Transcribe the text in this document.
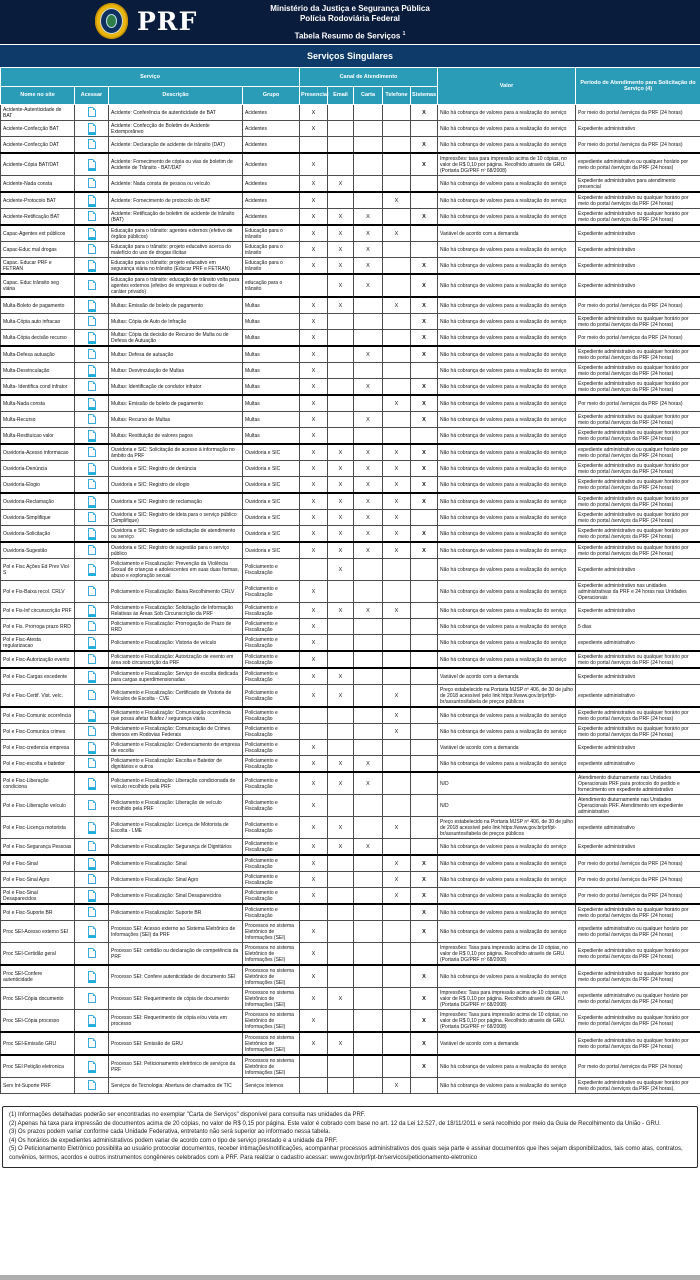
PRF	Ministério da Justiça e Segurança Pública
Polícia Rodoviária Federal
Tabela Resumo de Serviços $^1$
Serviços Singulares
Serviço				Canal de Atendimento					Valor	Período de Atendimento para Solicitação do Serviço (4)
Nome no site	Acessar	Descrição	Grupo	Presencial	Email	Carta	Telefone	Sistemas		
Acidente-Autenticidade de BAT		Acidente: Conferência de autenticidade de BAT	Acidentes	X				X	Não há cobrança de valores para a realização do serviço	Por meio do portal /serviços da PRF (24 horas)
Acidente-Confecção BAT		Acidente: Confecção de Boletim de Acidente Extemporâneo	Acidentes	X					Não há cobrança de valores para a realização do serviço	Expediente administrativo
Acidente-Confecção DAT		Acidente: Declaração de acidente de trânsito (DAT)	Acidentes					X	Não há cobrança de valores para a realização do serviço	Por meio do portal /serviços da PRF (24 horas)
Acidente-Cópia BAT/DAT		Acidente: Fornecimento de cópia ou vias de boletim de Acidente de Trânsito - BAT/DAT	Acidentes	X				X	Impressões: taxa para impressão acima de 10 cópias, no valor de R$ 0,10 por página. Recolhido através de GRU. (Portaria DG/PRF nº 68/2008)	expediente administrativo ou qualquer horário por meio do portal /serviços da PRF (24 horas)
Acidente-Nada consta		Acidente: Nada consta de pessoa ou veículo	Acidentes	X	X				Não há cobrança de valores para a realização do serviço	Expediente administrativo para atendimento presencial
Acidente-Protocolo BAT		Acidente: Fornecimento de protocolo do BAT	Acidentes	X			X		Não há cobrança de valores para a realização do serviço	Expediente administrativo ou qualquer horário por meio do portal /serviços da PRF (24 horas)
Acidente-Retificação BAT		Acidente: Retificação de boletim de acidente de trânsito (BAT)	Acidentes	X	X	X		X	Não há cobrança de valores para a realização do serviço	Expediente administrativo ou qualquer horário por meio do portal /serviços da PRF (24 horas)
Capac-Agentes ext públicos		Educação para o trânsito: agentes externos (efetivo de órgãos públicos)	Educação para o trânsito	X	X	X	X		Variável de acordo com a demanda	Expediente administrativo
Capac-Educ mal drogas		Educação para o trânsito: projeto educativo acerca do malefício do uso de drogas ilícitas	Educação para o trânsito	X	X	X			Não há cobrança de valores para a realização do serviço	Expediente administrativo
Capac. Educar PRF e FETRAN		Educação para o trânsito: projeto educativo em segurança viária no trânsito (Educar PRF e FETRAN)	Educação para o trânsito	X	X	X		X	Não há cobrança de valores para a realização do serviço	Expediente administrativo
Capac. Educ trânsito seg viária		Educação para o trânsito: educação de trânsito volta para agentes externos (efetivo de empresas e outros de caráter privado)	educação para o trânsito		X	X		X	Não há cobrança de valores para a realização do serviço	Expediente administrativo
Multa-Boleto de pagamento		Multas: Emissão de boleto de pagamento	Multas	X	X		X	X	Não há cobrança de valores para a realização do serviço	Por meio do portal /serviços da PRF (24 horas)
Multa-Cópia auto infracao		Multas: Cópia de Auto de Infração	Multas	X				X	Não há cobrança de valores para a realização do serviço	Expediente administrativo ou qualquer horário por meio do portal /serviços da PRF (24 horas)
Multa-Cópia decisão recurso		Multas: Cópia da decisão de Recurso de Multa ou de Defesa de Autuação	Multas	X				X	Não há cobrança de valores para a realização do serviço	Por meio do portal /serviços da PRF (24 horas)
Multa-Defesa autuação		Multas: Defesa de autuação	Multas	X		X		X	Não há cobrança de valores para a realização do serviço	Expediente administrativo ou qualquer horário por meio do portal /serviços da PRF (24 horas)
Multa-Desvinculação		Multas: Desvinculação de Multas	Multas	X					Não há cobrança de valores para a realização do serviço	Expediente administrativo ou qualquer horário por meio do portal /serviços da PRF (24 horas)
Multa- Identifica cond infrator		Multas: Identificação de condutor infrator	Multas	X		X		X	Não há cobrança de valores para a realização do serviço	Expediente administrativo ou qualquer horário por meio do portal /serviços da PRF (24 horas)
Multa-Nada consta		Multas: Emissão de boleto de pagamento	Multas	X			X	X	Não há cobrança de valores para a realização do serviço	Por meio do portal /serviços da PRF (24 horas)
Multa-Recurso		Multas: Recurso de Multas	Multas	X		X		X	Não há cobrança de valores para a realização do serviço	Expediente administrativo ou qualquer horário por meio do portal /serviços da PRF (24 horas)
Multa-Restituicao valor		Multas: Restituição de valores pagos	Multas	X					Não há cobrança de valores para a realização do serviço	Expediente administrativo ou qualquer horário por meio do portal /serviços da PRF (24 horas)
Ouvidoria-Acesso informacao		Ouvidoria e SIC: Solicitação de acesso à informação no âmbito da PRF	Ouvidoria e SIC	X	X	X	X	X	Não há cobrança de valores para a realização do serviço	expediente administrativo ou qualquer horário por meio do portal /serviços da PRF (24 horas)
Ouvidoria-Denúncia		Ouvidoria e SIC: Registro de denúncia	Ouvidoria e SIC	X	X	X	X	X	Não há cobrança de valores para a realização do serviço	Expediente administrativo ou qualquer horário por meio do portal /serviços da PRF (24 horas)
Ouvidoria-Elogio		Ouvidoria e SIC: Registro de elogio	Ouvidoria e SIC	X	X	X	X	X	Não há cobrança de valores para a realização do serviço	Expediente administrativo ou qualquer horário por meio do portal /serviços da PRF (24 horas)
Ouvidoria-Reclamação		Ouvidoria e SIC: Registro de reclamação	Ouvidoria e SIC	X	X	X	X	X	Não há cobrança de valores para a realização do serviço	Expediente administrativo ou qualquer horário por meio do portal /serviços da PRF (24 horas)
Ouvidoria-Simplifique		Ouvidoria e SIC: Registro de ideia para o serviço público (Simplifique)	Ouvidoria e SIC	X	X	X	X		Não há cobrança de valores para a realização do serviço	Expediente administrativo ou qualquer horário por meio do portal /serviços da PRF (24 horas)
Ouvidoria-Solicitação		Ouvidoria e SIC: Registro de solicitação de atendimento ou serviço	Ouvidoria e SIC	X	X	X	X	X	Não há cobrança de valores para a realização do serviço	Expediente administrativo ou qualquer horário por meio do portal /serviços da PRF (24 horas)
Ouvidoria-Sugestão		Ouvidoria e SIC: Registro de sugestão para o serviço público	Ouvidoria e SIC	X	X	X	X	X	Não há cobrança de valores para a realização do serviço	Expediente administrativo ou qualquer horário por meio do portal /serviços da PRF (24 horas)
Pol e Fisc Ações Ed Prev Viol S		Policiamento e Fiscalização: Prevenção da Violência Sexual de crianças e adolescentes em suas duas formas, abuso e exploração sexual	Policiamento e Fiscalização		X				Não há cobrança de valores para a realização do serviço	Expediente administrativo
Pol e Fis-Baixa recol. CRLV		Policiamento e Fiscalização: Baixa Recolhimento CRLV	Policiamento e Fiscalização	X					Não há cobrança de valores para a realização do serviço	Expediente administrativo nas unidades administrativas da PRF e 24 horas nas Unidades Operacionais
Pol e Fis-Inf circunscrição PRF		Policiamento e Fiscalização: Solicitação de Informação Relativas às Áreas Sob Circunscrição da PRF	Policiamento e Fiscalização	X	X	X	X		Não há cobrança de valores para a realização do serviço	Expediente administrativo
Pol e Fis. Prorroga prazo RRD		Policiamento e Fiscalização: Prorrogação de Prazo de RRD	Policiamento e Fiscalização	X					Não há cobrança de valores para a realização do serviço	5 dias
Pol e Fisc-Atesta regularizacao		Policiamento e Fiscalização: Vistoria de veículo	Policiamento e Fiscalização	X					Não há cobrança de valores para a realização do serviço	expediente administrativo
Pol e Fisc-Autorização evento		Policiamento e Fiscalização: Autorização de evento em área sob circunscrição da PRF	Policiamento e Fiscalização	X					Não há cobrança de valores para a realização do serviço	Expediente administrativo ou qualquer horário por meio do portal /serviços da PRF (24 horas)
Pol e Fisc-Cargas excedente		Policiamento e Fiscalização: Serviço de escolta dedicada para cargas superdimensionadas	Policiamento e Fiscalização	X	X				Variável de acordo com a demanda	Expediente administrativo
Pol e Fisc-Certif. Vist. veíc.		Policiamento e Fiscalização: Certificado de Vistoria de Veículos de Escolta - CVE	Policiamento e Fiscalização	X	X		X		Preço estabelecido na Portaria MJSP nº 406, de 30 de julho de 2018 acessível pelo link https://www.gov.br/prf/pt-br/assuntos/tabela de preços públicos	expediente administrativo
Pol e Fisc-Comunic ocorrência		Policiamento e Fiscalização: Comunicação ocorrência que possa afetar fluidez / segurança viária	Policiamento e Fiscalização				X		Não há cobrança de valores para a realização do serviço	Expediente administrativo ou qualquer horário por meio do portal /serviços da PRF (24 horas)
Pol e Fisc-Comunica crimes		Policiamento e Fiscalização: Comunicação de Crimes diversos em Rodovias Federais	Policiamento e Fiscalização				X		Não há cobrança de valores para a realização do serviço	Expediente administrativo ou qualquer horário por meio do portal /serviços da PRF (24 horas)
Pol e Fisc-credencia empresa		Policiamento e Fiscalização: Credenciamento de empresa de escolta	Policiamento e Fiscalização	X					Variável de acordo com a demanda	Expediente administrativo
Pol e Fisc-escolta e batedor		Policiamento e Fiscalização: Escolta e Batedor de dignitários e outros	Policiamento e Fiscalização	X	X	X			Não há cobrança de valores para a realização do serviço	expediente administrativo
Pol e Fisc-Liberação condiciona		Policiamento e Fiscalização: Liberação condicionada de veículo recolhido pela PRF	Policiamento e Fiscalização	X	X	X			N/D	Atendimento diuturnamente nas Unidades Operacionais PRF para protocolo do pedido e fornecimento em expediente administrativo
Pol e Fisc-Liberação veículo		Policiamento e Fiscalização: Liberação de veículo recolhido pela PRF	Policiamento e Fiscalização	X					N/D	Atendimento diuturnamente nas Unidades Operacionais PRF. Atendimento em expediente administrativo
Pol e Fisc-Licença motorista		Policiamento e Fiscalização: Licença de Motorista de Escolta - LME	Policiamento e Fiscalização	X	X		X		Preço estabelecido na Portaria MJSP nº 406, de 30 de julho de 2018 acessível pelo link https://www.gov.br/prf/pt-br/assuntos/tabela de preços públicos	expediente administrativo
Pol e Fisc-Segurança Pessoas		Policiamento e Fiscalização: Segurança de Dignitários	Policiamento e Fiscalização	X	X	X			Não há cobrança de valores para a realização do serviço	Expediente administrativo
Pol e Fisc-Sinal		Policiamento e Fiscalização: Sinal	Policiamento e Fiscalização	X			X	X	Não há cobrança de valores para a realização do serviço	Por meio do portal /serviços da PRF (24 horas)
Pol e Fisc-Sinal Agro		Policiamento e Fiscalização: Sinal Agro	Policiamento e Fiscalização	X			X	X	Não há cobrança de valores para a realização do serviço	Por meio do portal /serviços da PRF (24 horas)
Pol e Fisc-Sinal Desaparecidos		Policiamento e Fiscalização: Sinal Desaparecidos	Policiamento e Fiscalização	X			X	X	Não há cobrança de valores para a realização do serviço	Por meio do portal /serviços da PRF (24 horas)
Pol e Fisc-Suporte BR		Policiamento e Fiscalização: Suporte BR	Policiamento e Fiscalização					X	Não há cobrança de valores para a realização do serviço	Expediente administrativo ou qualquer horário por meio do portal /serviços da PRF (24 horas)
Proc SEI-Acesso externo SEI		Processo SEI: Acesso externo ao Sistema Eletrônico de Informações (SEI) da PRF	Processos no sistema Eletrônico de Informações (SEI)	X				X	Não há cobrança de valores para a realização do serviço	expediente administrativo ou qualquer horário por meio do portal /serviços da PRF (24 horas)
Proc SEI-Certidão geral		Processo SEI: certidão ou declaração de competência da PRF	Processos no sistema Eletrônico de Informações (SEI)	X					Impressões: Taxa para impressão acima de 10 cópias, no valor de R$ 0,10 por página. Recolhido através de GRU. (Portaria DG/PRF nº 68/2008)	Expediente administrativo ou qualquer horário por meio do portal /serviços da PRF (24 horas)
Proc SEI-Confere autenticidade		Processo SEI: Confere autenticidade de documento SEI	Processos no sistema Eletrônico de Informações (SEI)	X				X	Não há cobrança de valores para a realização do serviço	Expediente administrativo ou qualquer horário por meio do portal /serviços da PRF (24 horas)
Proc SEI-Cópia documento		Processo SEI: Requerimento de cópia de documento	Processos no sistema Eletrônico de Informações (SEI)	X	X			X	Impressões: Taxa para impressão acima de 10 cópias, no valor de R$ 0,10 por página. Recolhido através de GRU. (Portaria DG/PRF nº 68/2008)	expediente administrativo ou qualquer horário por meio do portal /serviços da PRF (24 horas)
Proc SEI-Cópia processo		Processo SEI: Requerimento de cópia e/ou vista em processo	Processos no sistema Eletrônico de Informações (SEI)	X				X	Impressões: Taxa para impressão acima de 10 cópias, no valor de R$ 0,10 por página. Recolhido através de GRU. (Portaria DG/PRF nº 68/2008)	Expediente administrativo ou qualquer horário por meio do portal /serviços da PRF (24 horas)
Proc SEI-Emissão GRU		Processo SEI: Emissão de GRU	Processos no sistema Eletrônico de Informações (SEI)	X	X			X	Variável de acordo com a demanda	Expediente administrativo ou qualquer horário por meio do portal /serviços da PRF (24 horas)
Proc SEI Petição eletronica		Processo SEI: Peticionamento eletrônico de serviços da PRF	Processos no sistema Eletrônico de Informações (SEI)					X	Não há cobrança de valores para a realização do serviço	Por meio do portal /serviços da PRF (24 horas)
Serv Int-Suporte PRF		Serviços de Tecnologia: Abertura de chamados de TIC	Serviços internos				X		Não há cobrança de valores para a realização do serviço	Expediente administrativo ou qualquer horário por meio do portal /serviços da PRF (24 horas).

(1) Informações detalhadas poderão ser encontradas no exemplar "Carta de Serviços" disponível para consulta nas unidades da PRF.

(2) Apenas há taxa para impressão de documentos acima de 20 cópias, no valor de R$ 0,15 por página. Este valor é cobrado com base no art. 12 da Lei 12.527, de 18/11/2011 e será recolhido por meio da Guia de Recolhimento da União - GRU.

(3) Os prazos podem variar conforme cada Unidade Federativa, entretanto não será superior ao informado nessa tabela.

(4) Os horários de expedientes administrativos podem variar de acordo com o tipo de serviço prestado e a unidade da PRF.

(5) O Peticionamento Eletrônico possibilita ao usuário protocolar documentos, receber intimações/notificações, acompanhar processos administrativos dos quais seja parte e assinar documentos que lhes sejam disponibilizados, tais como atas, contratos, convênios, termos, acordos e outros instrumentos congêneres celebrados com a PRF. Para realizar o cadastro acessar: www.gov.br/prf/pt-br/servicos/peticionamento-eletronico
